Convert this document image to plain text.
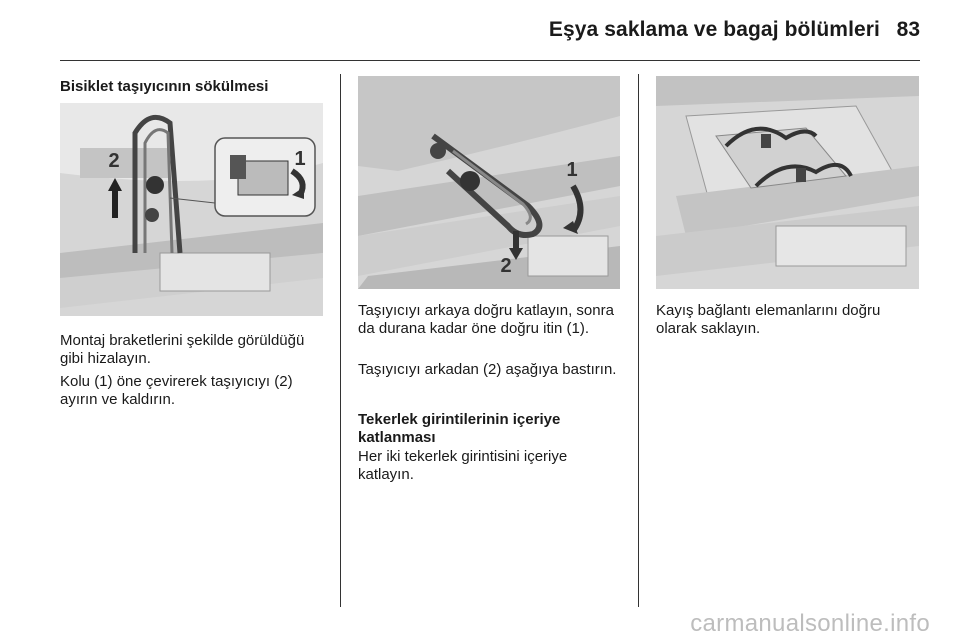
Eşya saklama ve bagaj bölümleri 83
Bisiklet taşıyıcının sökülmesi
2	1
Montaj braketlerini şekilde görüldüğü gibi hizalayın.
Kolu (1) öne çevirerek taşıyıcıyı (2) ayırın ve kaldırın.
1
2
Taşıyıcıyı arkaya doğru katlayın, sonra da durana kadar öne doğru itin (1).
Taşıyıcıyı arkadan (2) aşağıya bastırın.
Tekerlek girintilerinin içeriye katlanması
Her iki tekerlek girintisini içeriye katlayın.
Kayış bağlantı elemanlarını doğru olarak saklayın.
carmanualsonline.info
